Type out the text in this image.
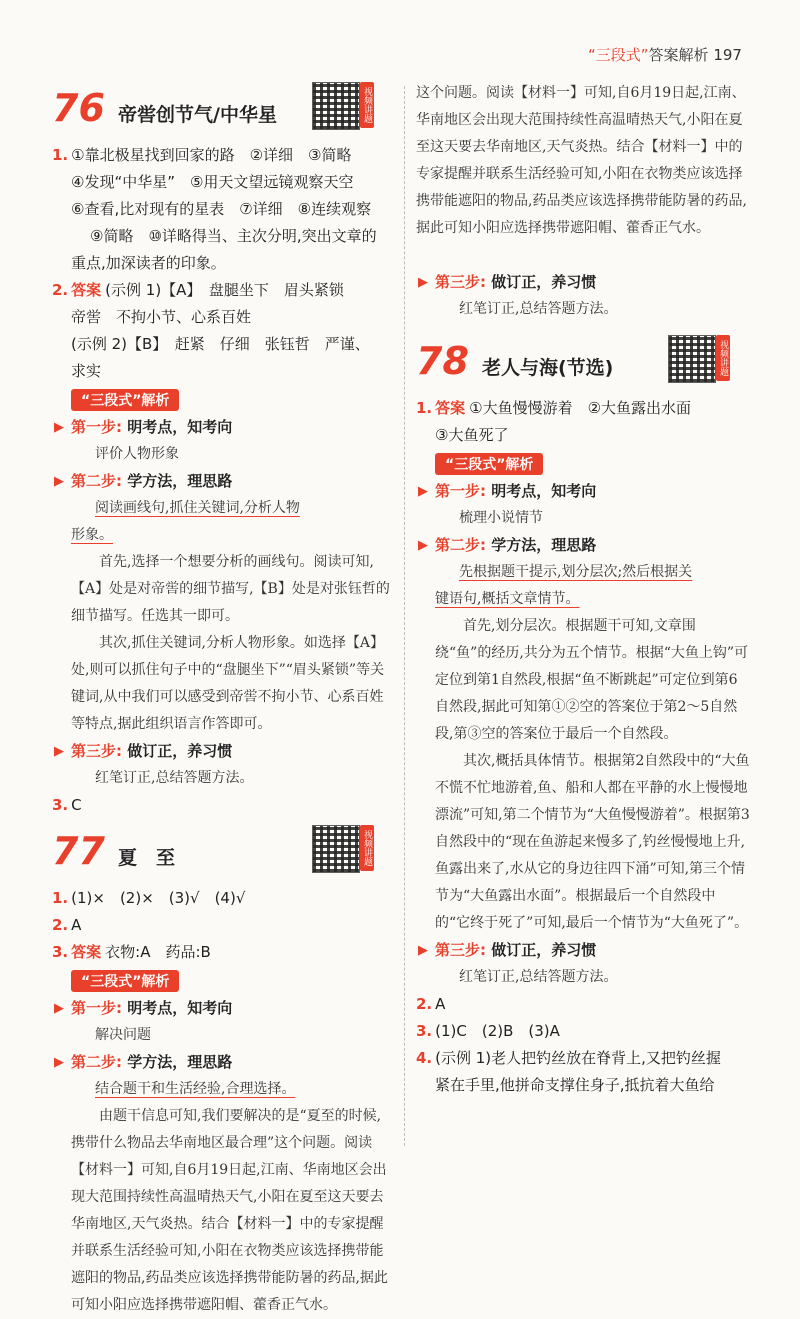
“三段式”答案解析 197
76 帝喾创节气/中华星	视频讲题

1. ①靠北极星找到回家的路　②详细　③简略

④发现“中华星”　⑤用天文望远镜观察天空

⑥查看,比对现有的星表　⑦详细　⑧连续观察

⑨简略　⑩详略得当、主次分明,突出文章的

重点,加深读者的印象。

2. 答案 (示例 1)【A】　盘腿坐下　眉头紧锁

帝喾　不拘小节、心系百姓

(示例 2)【B】　赶紧　仔细　张钰哲　严谨、

求实

“三段式”解析
▶ 第一步: 明考点，知考向

评价人物形象

▶ 第二步: 学方法，理思路

阅读画线句,抓住关键词,分析人物

形象。

首先,选择一个想要分析的画线句。阅读可知,【A】处是对帝喾的细节描写,【B】处是对张钰哲的细节描写。任选其一即可。

其次,抓住关键词,分析人物形象。如选择【A】处,则可以抓住句子中的“盘腿坐下”“眉头紧锁”等关键词,从中我们可以感受到帝喾不拘小节、心系百姓等特点,据此组织语言作答即可。

▶ 第三步: 做订正，养习惯

红笔订正,总结答题方法。

3. C

77 夏　至	视频讲题

1. (1)×　(2)×　(3)√　(4)√

2. A

3. 答案 衣物:A　药品:B

“三段式”解析
▶ 第一步: 明考点，知考向

解决问题

▶ 第二步: 学方法，理思路

结合题干和生活经验,合理选择。

由题干信息可知,我们要解决的是“夏至的时候,携带什么物品去华南地区最合理”这个问题。阅读【材料一】可知,自6月19日起,江南、华南地区会出现大范围持续性高温晴热天气,小阳在夏至这天要去华南地区,天气炎热。结合【材料一】中的专家提醒并联系生活经验可知,小阳在衣物类应该选择携带能遮阳的物品,药品类应该选择携带能防暑的药品,据此可知小阳应选择携带遮阳帽、藿香正气水。

这个问题。阅读【材料一】可知,自6月19日起,江南、华南地区会出现大范围持续性高温晴热天气,小阳在夏至这天要去华南地区,天气炎热。结合【材料一】中的专家提醒并联系生活经验可知,小阳在衣物类应该选择携带能遮阳的物品,药品类应该选择携带能防暑的药品,据此可知小阳应选择携带遮阳帽、藿香正气水。

▶ 第三步: 做订正，养习惯

红笔订正,总结答题方法。

78 老人与海(节选)	视频讲题

1. 答案 ①大鱼慢慢游着　②大鱼露出水面

③大鱼死了

“三段式”解析
▶ 第一步: 明考点，知考向

梳理小说情节

▶ 第二步: 学方法，理思路

先根据题干提示,划分层次;然后根据关

键语句,概括文章情节。

首先,划分层次。根据题干可知,文章围绕“鱼”的经历,共分为五个情节。根据“大鱼上钩”可定位到第1自然段,根据“鱼不断跳起”可定位到第6自然段,据此可知第①②空的答案位于第2～5自然段,第③空的答案位于最后一个自然段。

其次,概括具体情节。根据第2自然段中的“大鱼不慌不忙地游着,鱼、船和人都在平静的水上慢慢地漂流”可知,第二个情节为“大鱼慢慢游着”。根据第3自然段中的“现在鱼游起来慢多了,钓丝慢慢地上升,鱼露出来了,水从它的身边往四下涌”可知,第三个情节为“大鱼露出水面”。根据最后一个自然段中的“它终于死了”可知,最后一个情节为“大鱼死了”。

▶ 第三步: 做订正，养习惯

红笔订正,总结答题方法。

2. A

3. (1)C　(2)B　(3)A

4. (示例 1)老人把钓丝放在脊背上,又把钓丝握

紧在手里,他拼命支撑住身子,抵抗着大鱼给
